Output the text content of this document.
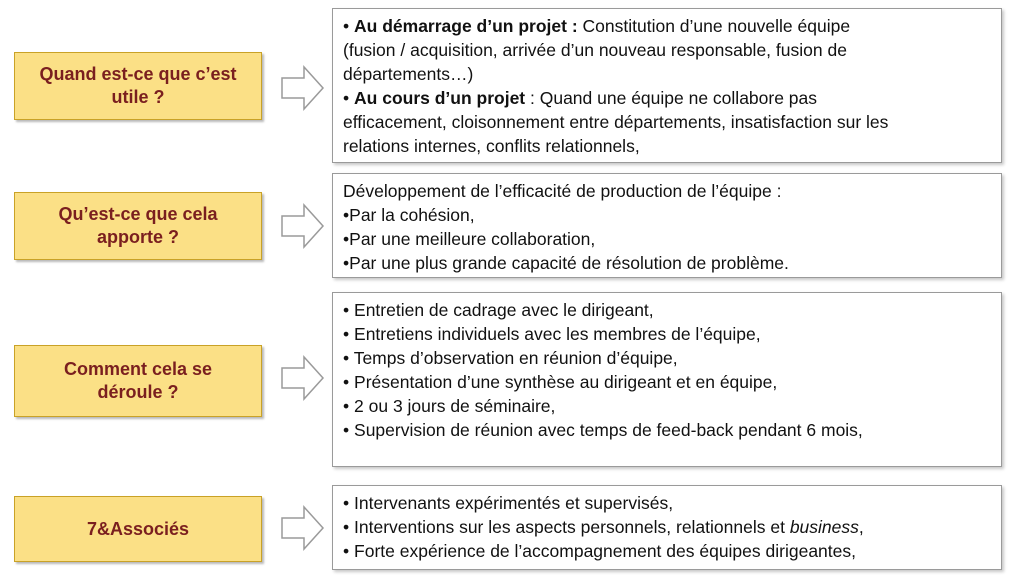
Quand est-ce que c’est utile ?
• Au démarrage d’un projet : Constitution d’une nouvelle équipe
(fusion / acquisition, arrivée d’un nouveau responsable, fusion de
départements…)
• Au cours d’un projet : Quand une équipe ne collabore pas
efficacement, cloisonnement entre départements, insatisfaction sur les
relations internes, conflits relationnels,
Qu’est-ce que cela apporte ?
Développement de l’efficacité de production de l’équipe :
•Par la cohésion,
•Par une meilleure collaboration,
•Par une plus grande capacité de résolution de problème.
Comment cela se déroule ?
• Entretien de cadrage avec le dirigeant,
• Entretiens individuels avec les membres de l’équipe,
• Temps d’observation en réunion d’équipe,
• Présentation d’une synthèse au dirigeant et en équipe,
• 2 ou 3 jours de séminaire,
• Supervision de réunion avec temps de feed-back pendant 6 mois,
7&Associés
• Intervenants expérimentés et supervisés,
• Interventions sur les aspects personnels, relationnels et business,
• Forte expérience de l’accompagnement des équipes dirigeantes,
